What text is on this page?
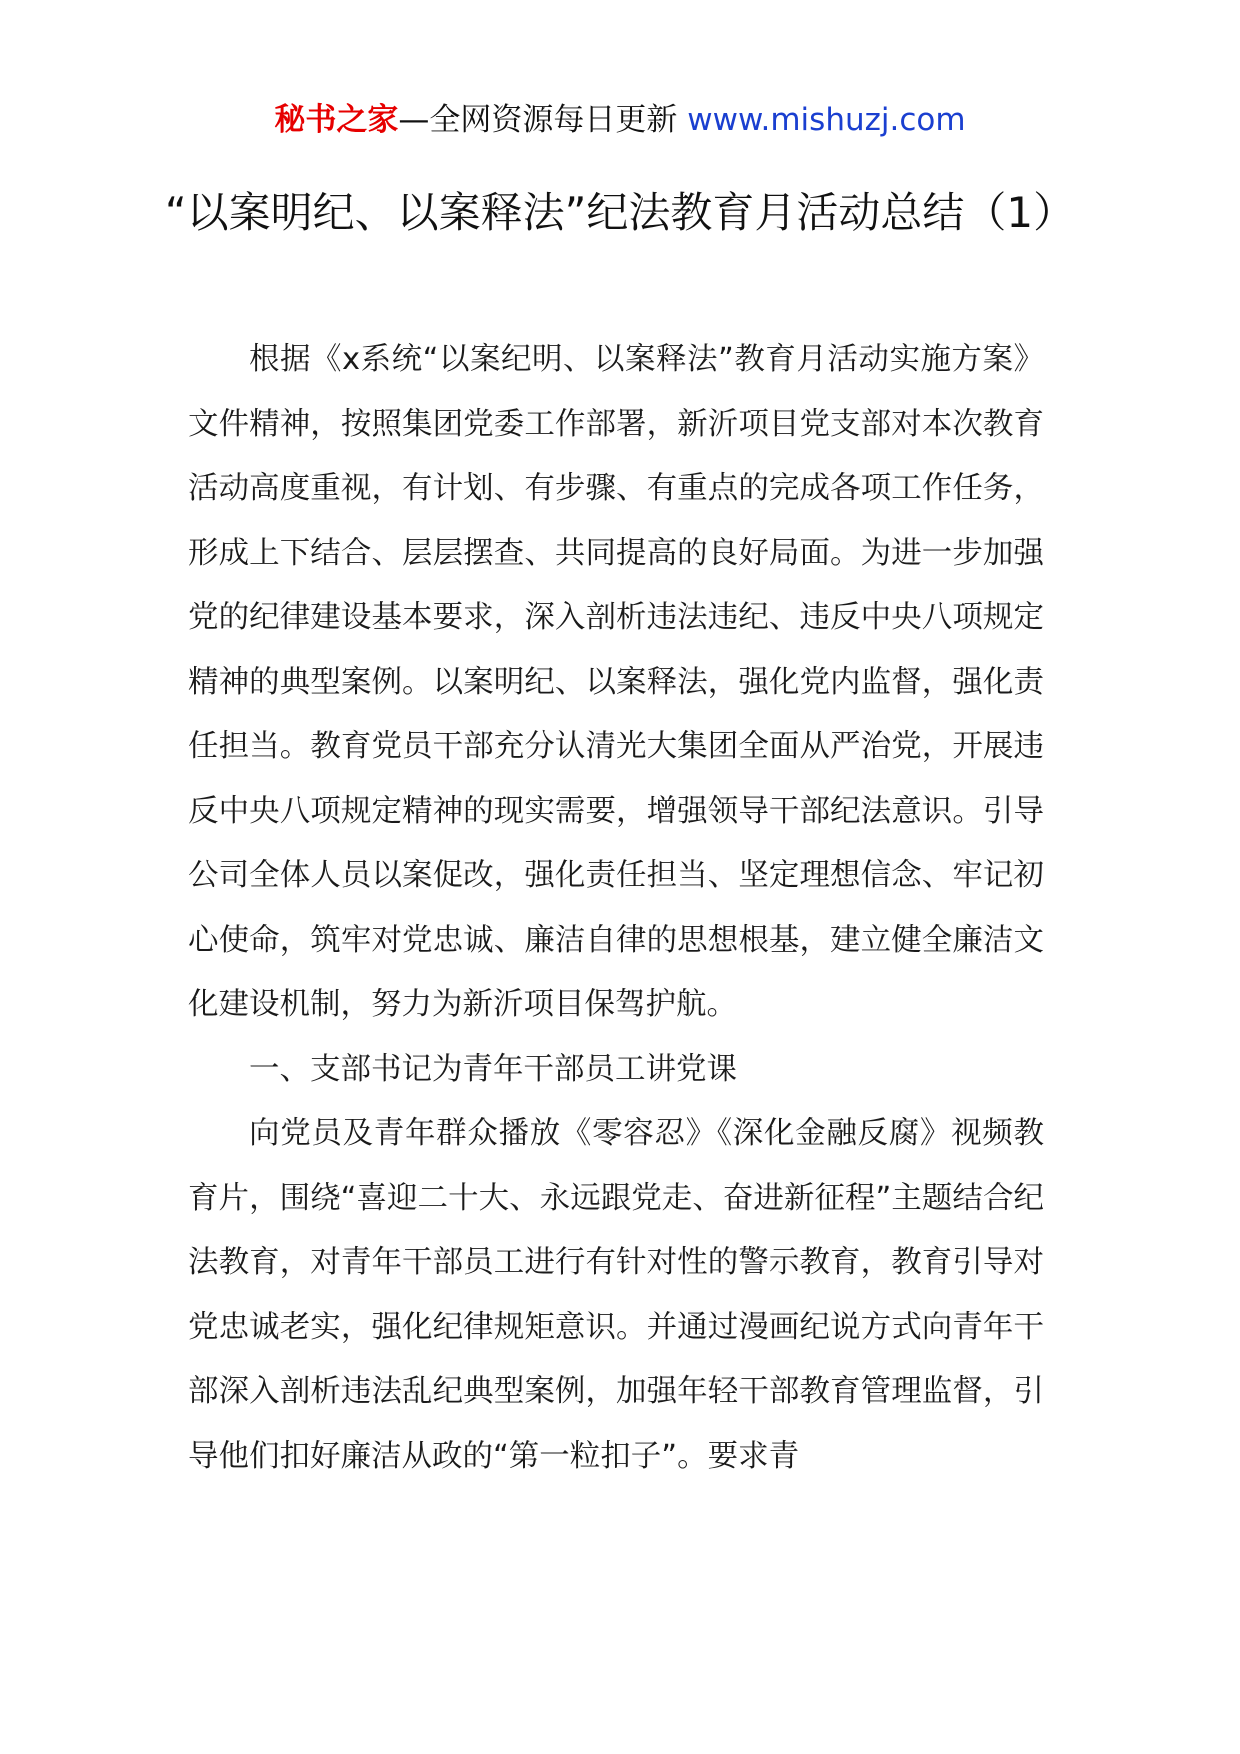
秘书之家—全网资源每日更新 www.mishuzj.com
“以案明纪、以案释法”纪法教育月活动总结（1）

根据《x系统“以案纪明、以案释法”教育月活动实施方案》文件精神，按照集团党委工作部署，新沂项目党支部对本次教育活动高度重视，有计划、有步骤、有重点的完成各项工作任务，形成上下结合、层层摆查、共同提高的良好局面。为进一步加强党的纪律建设基本要求，深入剖析违法违纪、违反中央八项规定精神的典型案例。以案明纪、以案释法，强化党内监督，强化责任担当。教育党员干部充分认清光大集团全面从严治党，开展违反中央八项规定精神的现实需要，增强领导干部纪法意识。引导公司全体人员以案促改，强化责任担当、坚定理想信念、牢记初心使命，筑牢对党忠诚、廉洁自律的思想根基，建立健全廉洁文化建设机制，努力为新沂项目保驾护航。

一、支部书记为青年干部员工讲党课

向党员及青年群众播放《零容忍》《深化金融反腐》视频教育片，围绕“喜迎二十大、永远跟党走、奋进新征程”主题结合纪法教育，对青年干部员工进行有针对性的警示教育，教育引导对党忠诚老实，强化纪律规矩意识。并通过漫画纪说方式向青年干部深入剖析违法乱纪典型案例，加强年轻干部教育管理监督，引导他们扣好廉洁从政的“第一粒扣子”。要求青
